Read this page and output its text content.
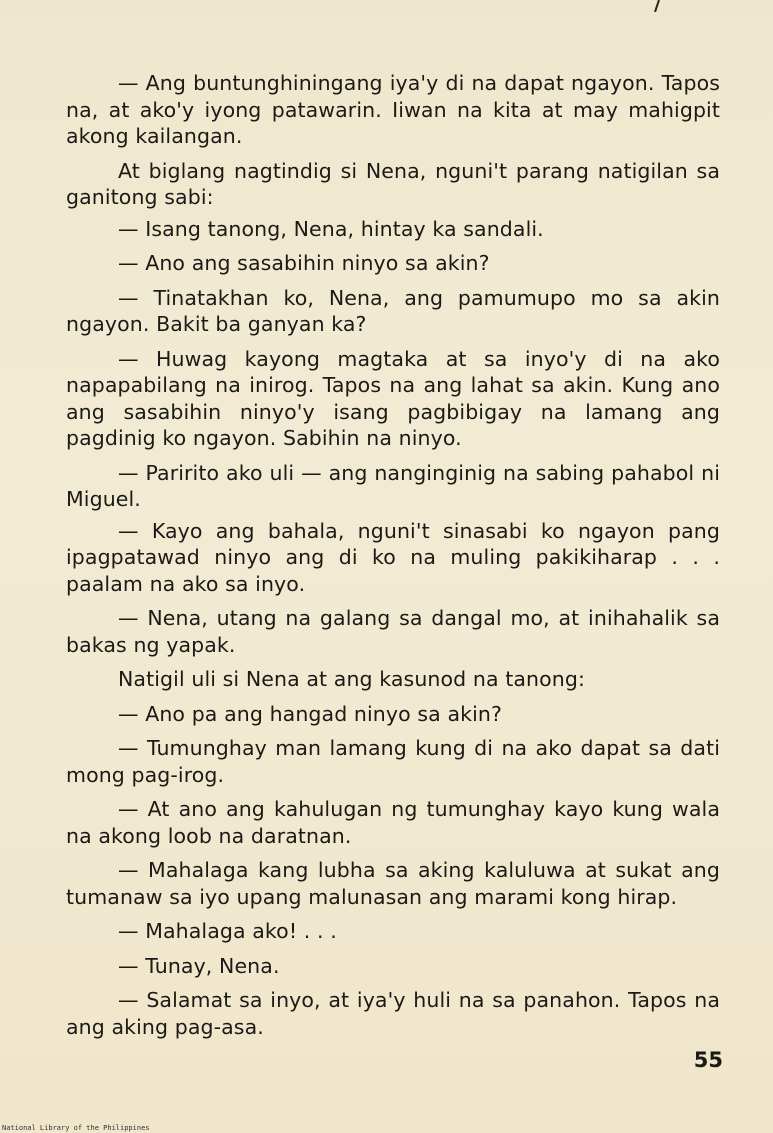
— Ang buntunghiningang iya'y di na dapat ngayon. Tapos na, at ako'y iyong patawarin. Iiwan na kita at may mahigpit akong kailangan.

At biglang nagtindig si Nena, nguni't parang natigilan sa ganitong sabi:

— Isang tanong, Nena, hintay ka sandali.

— Ano ang sasabihin ninyo sa akin?

— Tinatakhan ko, Nena, ang pamumupo mo sa akin ngayon. Bakit ba ganyan ka?

— Huwag kayong magtaka at sa inyo'y di na ako napapabilang na inirog. Tapos na ang lahat sa akin. Kung ano ang sasabihin ninyo'y isang pagbibigay na lamang ang pagdinig ko ngayon. Sabihin na ninyo.

— Paririto ako uli — ang nanginginig na sabing pahabol ni Miguel.

— Kayo ang bahala, nguni't sinasabi ko ngayon pang ipagpatawad ninyo ang di ko na muling pakikiharap . . . paalam na ako sa inyo.

— Nena, utang na galang sa dangal mo, at inihahalik sa bakas ng yapak.

Natigil uli si Nena at ang kasunod na tanong:

— Ano pa ang hangad ninyo sa akin?

— Tumunghay man lamang kung di na ako dapat sa dati mong pag-irog.

— At ano ang kahulugan ng tumunghay kayo kung wala na akong loob na daratnan.

— Mahalaga kang lubha sa aking kaluluwa at sukat ang tumanaw sa iyo upang malunasan ang marami kong hirap.

— Mahalaga ako! . . .

— Tunay, Nena.

— Salamat sa inyo, at iya'y huli na sa panahon. Tapos na ang aking pag-asa.

55
National Library of the Philippines
